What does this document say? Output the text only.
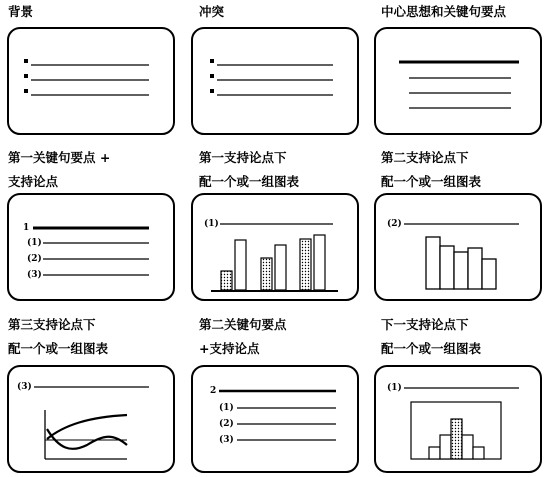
背景	冲突	中心思想和关键句要点
第一关键句要点 +
支持论点
1
(1)
(2)
(3)
第一支持论点下
配一个或一组图表
(1)
第二支持论点下
配一个或一组图表
(2)
第三支持论点下
配一个或一组图表
(3)
第二关键句要点
+支持论点
2
(1)
(2)
(3)
下一支持论点下
配一个或一组图表
(1)
